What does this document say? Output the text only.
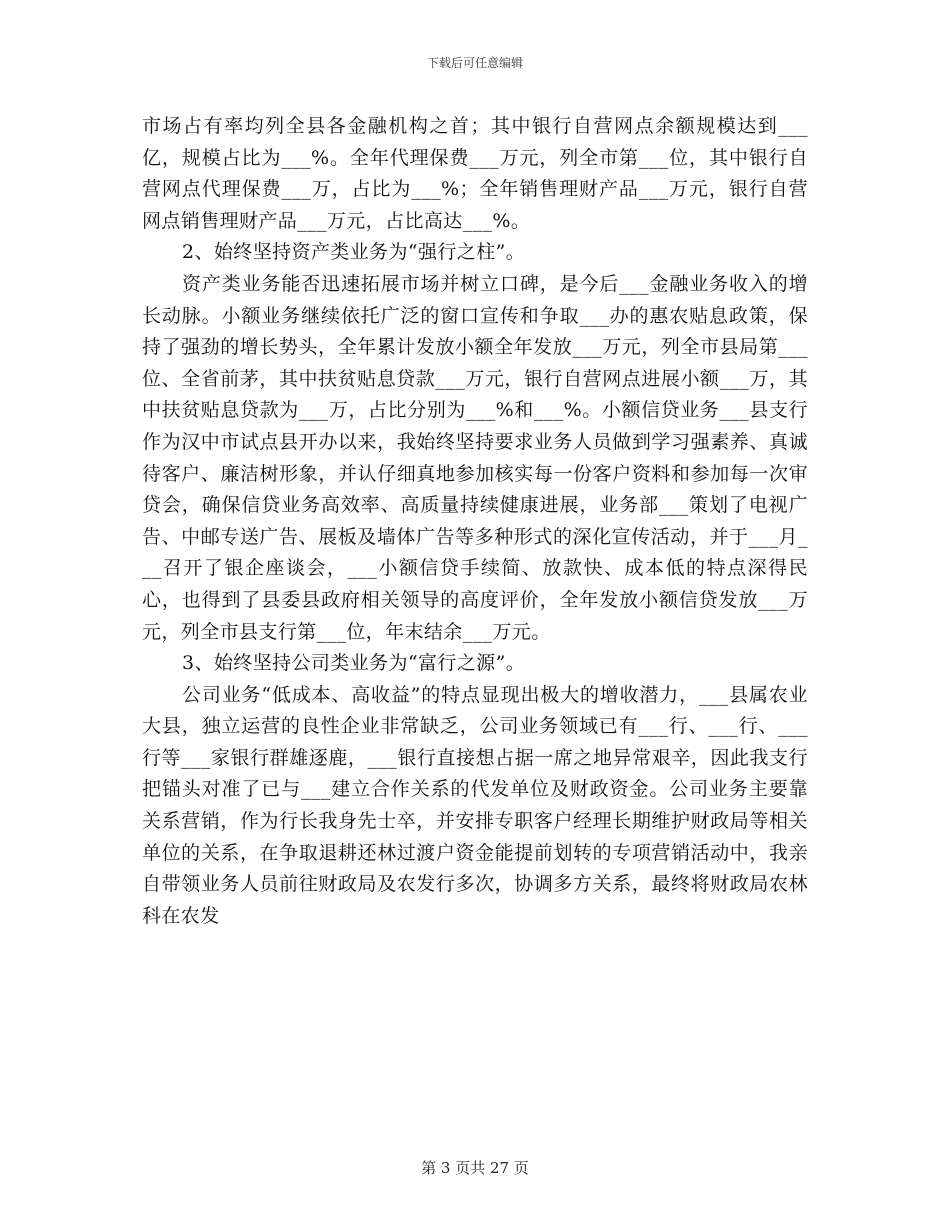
下载后可任意编辑

市场占有率均列全县各金融机构之首；其中银行自营网点余额规模达到___亿，规模占比为___%。全年代理保费___万元，列全市第___位，其中银行自营网点代理保费___万，占比为___%；全年销售理财产品___万元，银行自营网点销售理财产品___万元，占比高达___%。

2、始终坚持资产类业务为“强行之柱”。

资产类业务能否迅速拓展市场并树立口碑，是今后___金融业务收入的增长动脉。小额业务继续依托广泛的窗口宣传和争取___办的惠农贴息政策，保持了强劲的增长势头，全年累计发放小额全年发放___万元，列全市县局第___位、全省前茅，其中扶贫贴息贷款___万元，银行自营网点进展小额___万，其中扶贫贴息贷款为___万，占比分别为___%和___%。小额信贷业务___县支行作为汉中市试点县开办以来，我始终坚持要求业务人员做到学习强素养、真诚待客户、廉洁树形象，并认仔细真地参加核实每一份客户资料和参加每一次审贷会，确保信贷业务高效率、高质量持续健康进展，业务部___策划了电视广告、中邮专送广告、展板及墙体广告等多种形式的深化宣传活动，并于___月___召开了银企座谈会，___小额信贷手续简、放款快、成本低的特点深得民心，也得到了县委县政府相关领导的高度评价，全年发放小额信贷发放___万元，列全市县支行第___位，年末结余___万元。

3、始终坚持公司类业务为“富行之源”。

公司业务“低成本、高收益”的特点显现出极大的增收潜力，___县属农业大县，独立运营的良性企业非常缺乏，公司业务领域已有___行、___行、___行等___家银行群雄逐鹿，___银行直接想占据一席之地异常艰辛，因此我支行把锚头对准了已与___建立合作关系的代发单位及财政资金。公司业务主要靠关系营销，作为行长我身先士卒，并安排专职客户经理长期维护财政局等相关单位的关系，在争取退耕还林过渡户资金能提前划转的专项营销活动中，我亲自带领业务人员前往财政局及农发行多次，协调多方关系，最终将财政局农林科在农发

第 3 页共 27 页
